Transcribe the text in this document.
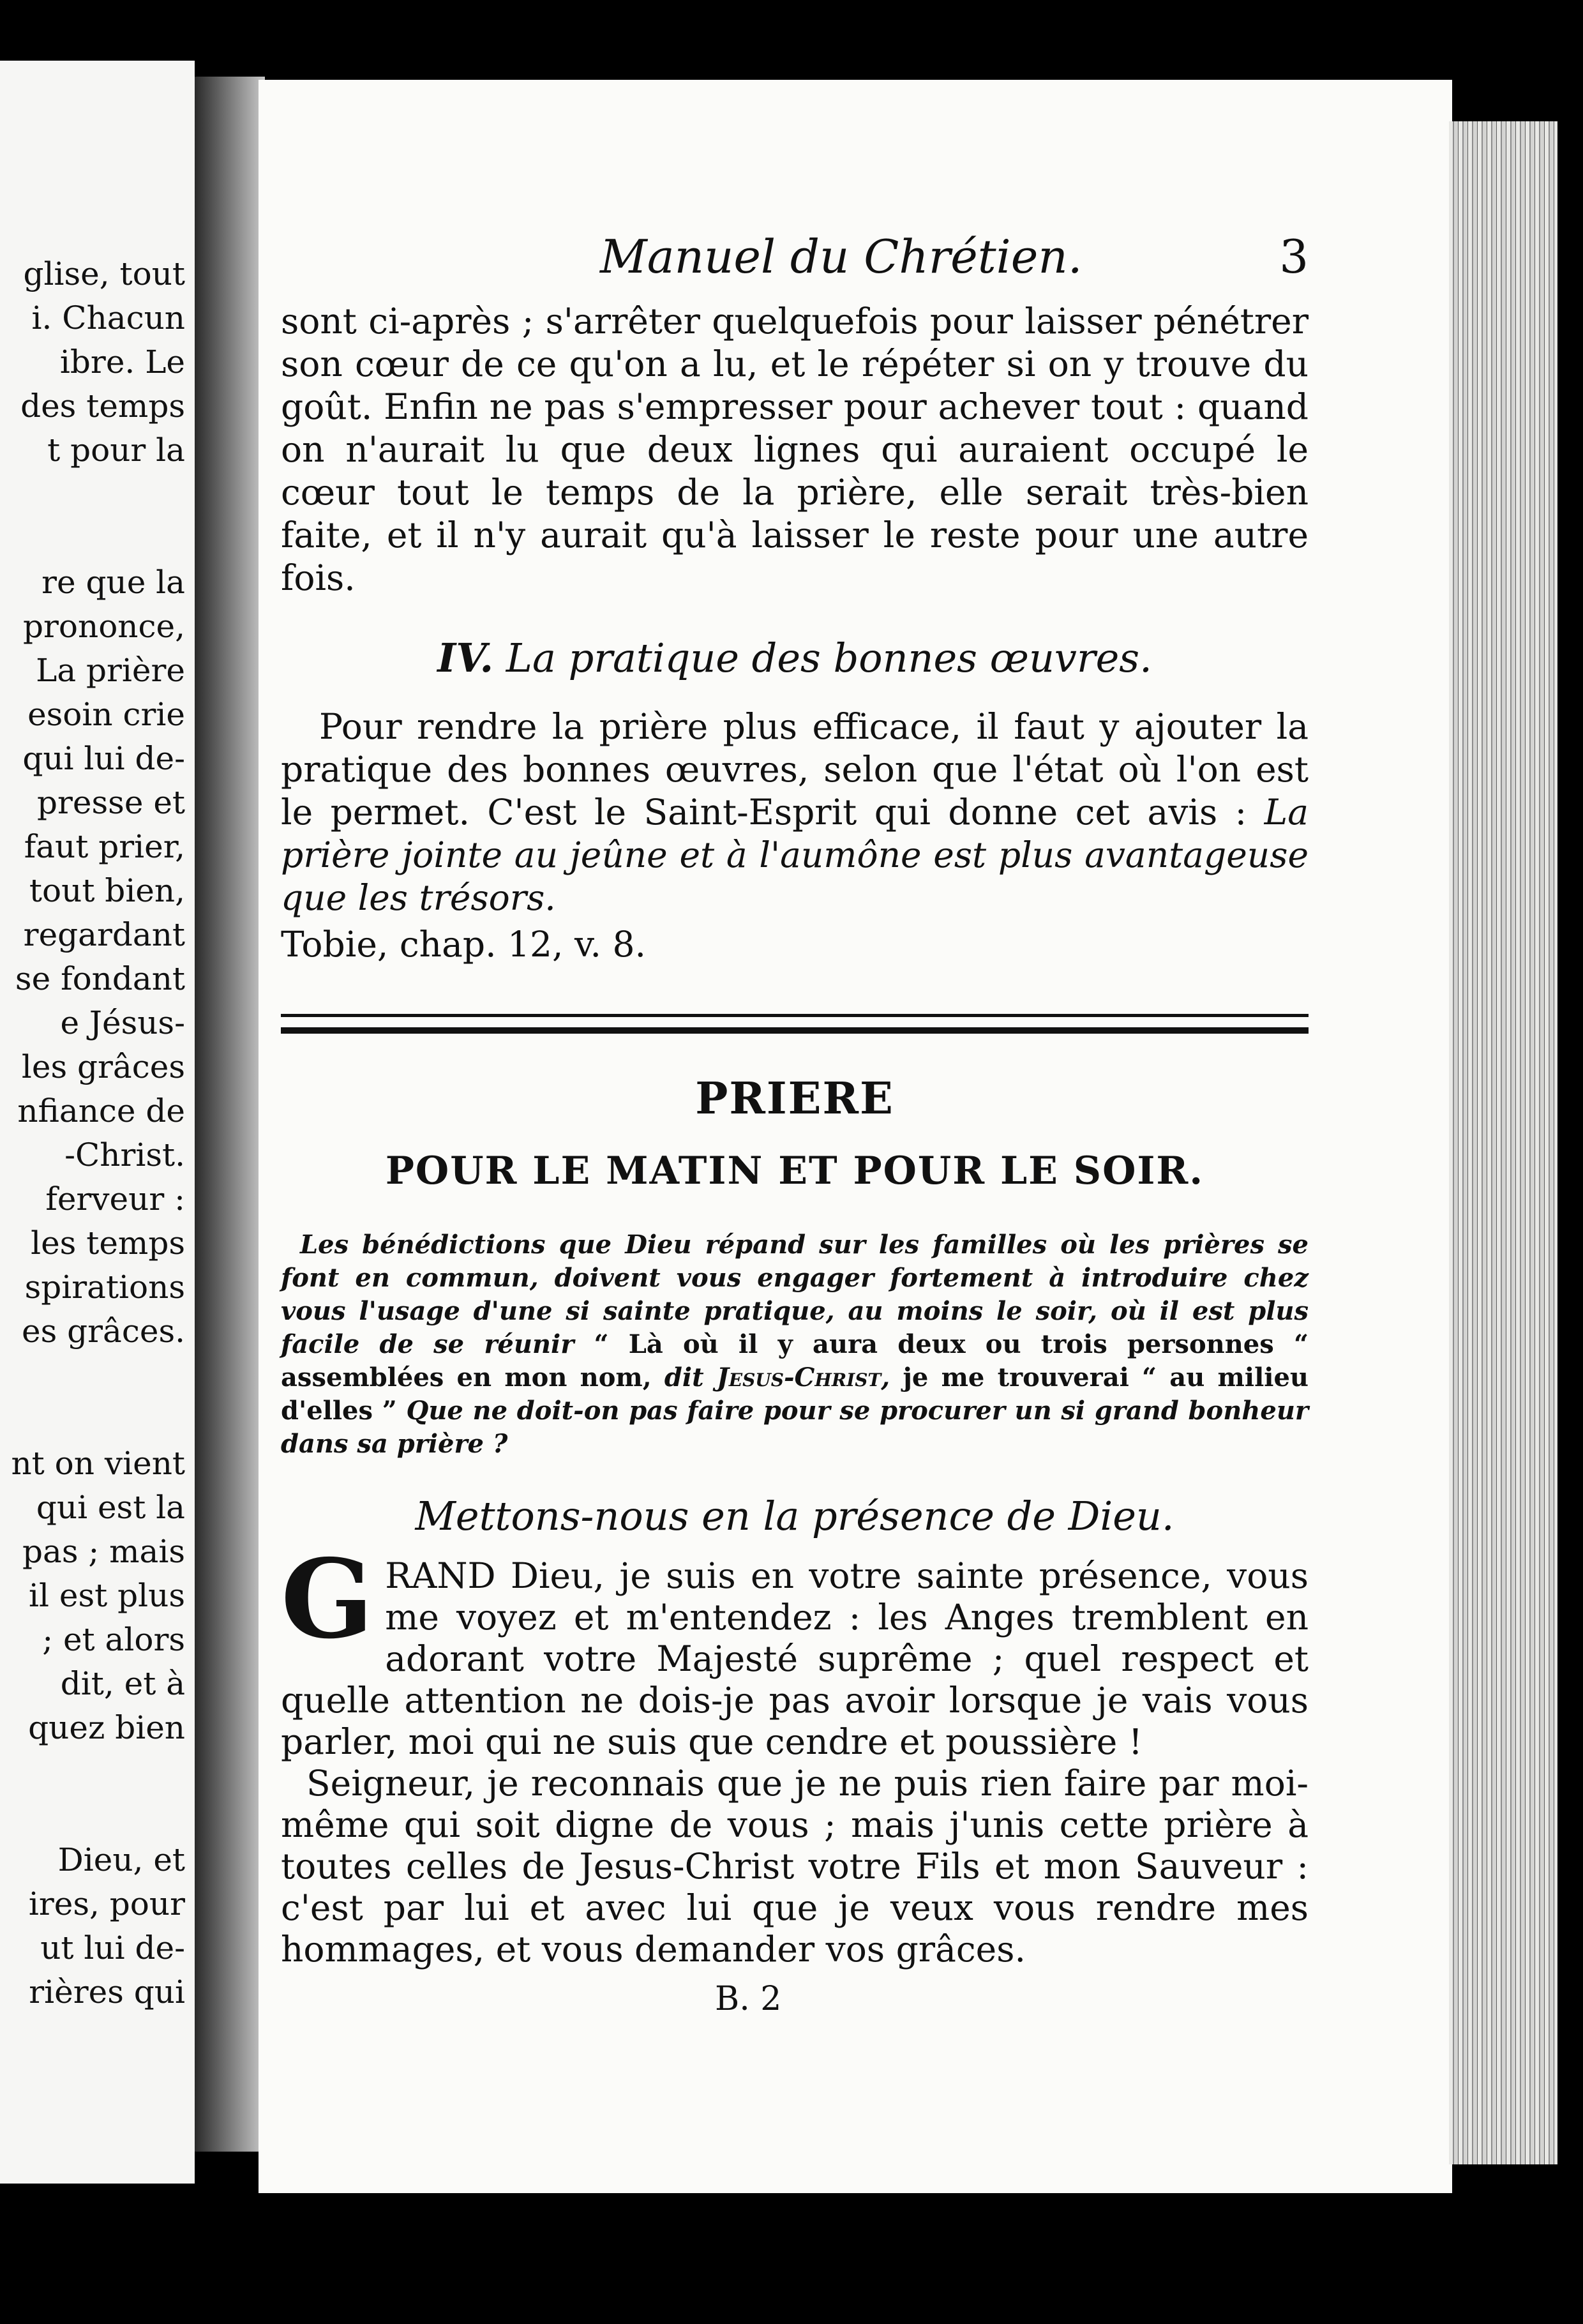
glise, tout
i. Chacun
ibre. Le
des temps
t pour la
re que la
prononce,
La prière
esoin crie
qui lui de-
presse et
faut prier,
tout bien,
regardant
se fondant
e Jésus-
les grâces
nfiance de
-Christ.
ferveur :
les temps
spirations
es grâces.
nt on vient
qui est la
pas ; mais
il est plus
; et alors
dit, et à
quez bien
Dieu, et
ires, pour
ut lui de-
rières qui
Manuel du Chrétien.	3

sont ci-après ; s'arrêter quelquefois pour laisser pénétrer son cœur de ce qu'on a lu, et le répéter si on y trouve du goût. Enfin ne pas s'empresser pour achever tout : quand on n'aurait lu que deux lignes qui auraient occupé le cœur tout le temps de la prière, elle serait très-bien faite, et il n'y aurait qu'à laisser le reste pour une autre fois.

IV. La pratique des bonnes œuvres.

Pour rendre la prière plus efficace, il faut y ajouter la pratique des bonnes œuvres, selon que l'état où l'on est le permet. C'est le Saint-Esprit qui donne cet avis : La prière jointe au jeûne et à l'aumône est plus avantageuse que les trésors.

Tobie, chap. 12, v. 8.

PRIERE
POUR LE MATIN ET POUR LE SOIR.

Les bénédictions que Dieu répand sur les familles où les prières se font en commun, doivent vous engager fortement à introduire chez vous l'usage d'une si sainte pratique, au moins le soir, où il est plus facile de se réunir “ Là où il y aura deux ou trois personnes “ assemblées en mon nom, dit Jesus-Christ, je me trouverai “ au milieu d'elles ” Que ne doit-on pas faire pour se procurer un si grand bonheur dans sa prière ?

Mettons-nous en la présence de Dieu.

GRAND Dieu, je suis en votre sainte présence, vous me voyez et m'entendez : les Anges tremblent en adorant votre Majesté suprême ; quel respect et quelle attention ne dois-je pas avoir lorsque je vais vous parler, moi qui ne suis que cendre et poussière !

Seigneur, je reconnais que je ne puis rien faire par moi-même qui soit digne de vous ; mais j'unis cette prière à toutes celles de Jesus-Christ votre Fils et mon Sauveur : c'est par lui et avec lui que je veux vous rendre mes hommages, et vous demander vos grâces.

B. 2
